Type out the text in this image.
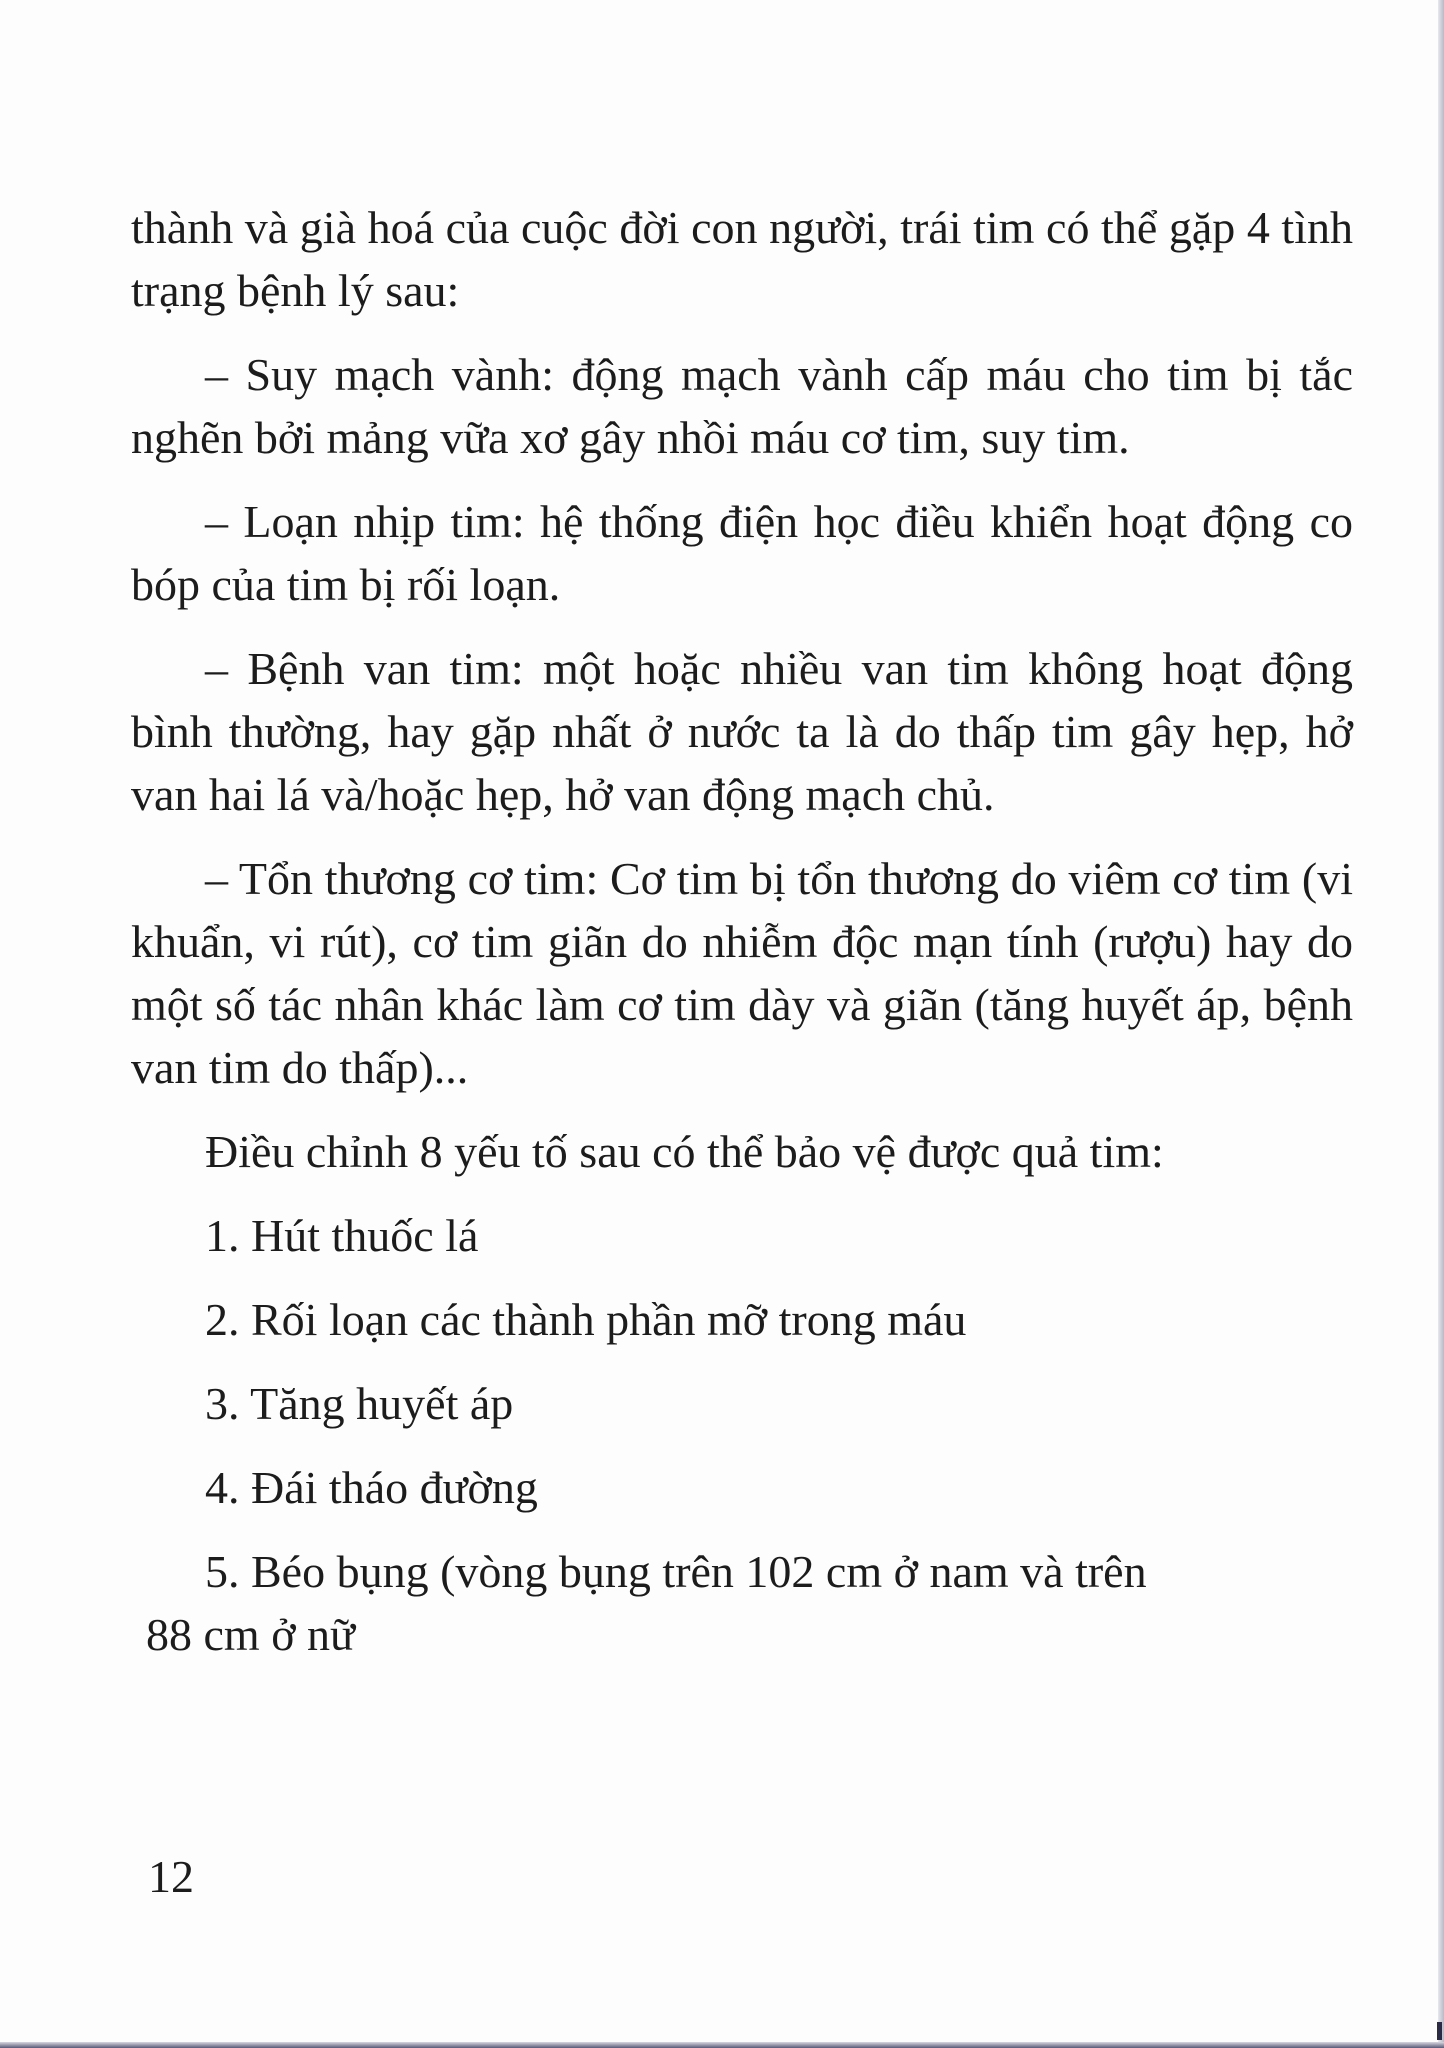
thành và già hoá của cuộc đời con người, trái tim có thể gặp 4 tình trạng bệnh lý sau:

– Suy mạch vành: động mạch vành cấp máu cho tim bị tắc nghẽn bởi mảng vữa xơ gây nhồi máu cơ tim, suy tim.

– Loạn nhịp tim: hệ thống điện học điều khiển hoạt động co bóp của tim bị rối loạn.

– Bệnh van tim: một hoặc nhiều van tim không hoạt động bình thường, hay gặp nhất ở nước ta là do thấp tim gây hẹp, hở van hai lá và/hoặc hẹp, hở van động mạch chủ.

– Tổn thương cơ tim: Cơ tim bị tổn thương do viêm cơ tim (vi khuẩn, vi rút), cơ tim giãn do nhiễm độc mạn tính (rượu) hay do một số tác nhân khác làm cơ tim dày và giãn (tăng huyết áp, bệnh van tim do thấp)...

Điều chỉnh 8 yếu tố sau có thể bảo vệ được quả tim:

1. Hút thuốc lá
2. Rối loạn các thành phần mỡ trong máu
3. Tăng huyết áp
4. Đái tháo đường
5. Béo bụng (vòng bụng trên 102 cm ở nam và trên
88 cm ở nữ
12
